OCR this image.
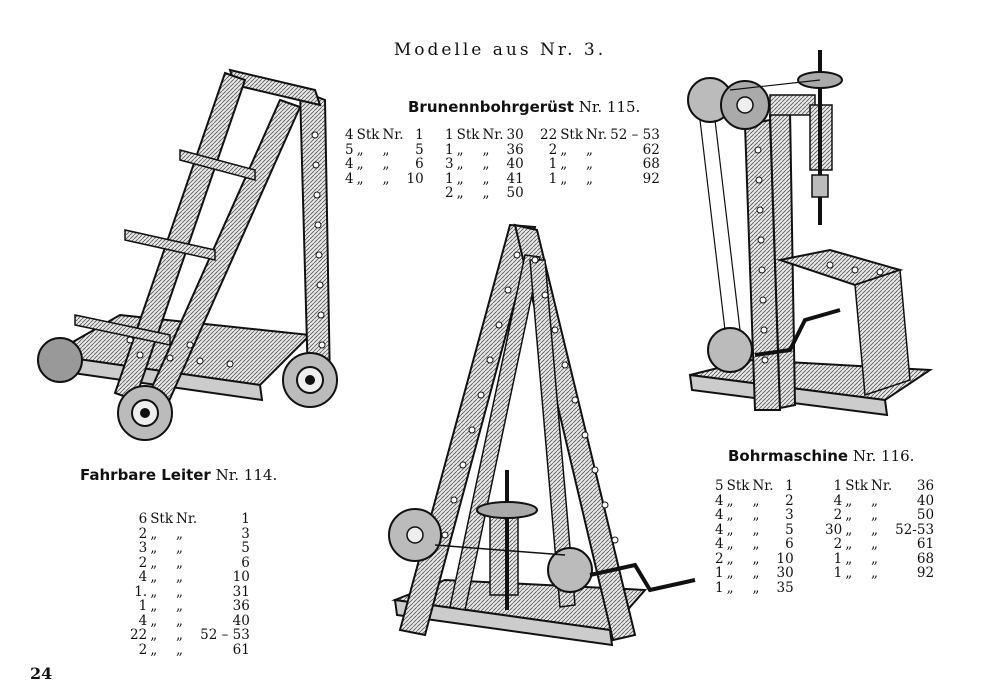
Modelle aus Nr. 3.
Fahrbare Leiter Nr. 114.
6	Stk	Nr.	1
2	„	„	3
3	„	„	5
2	„	„	6
4	„	„	10
1.	„	„	31
1	„	„	36
4	„	„	40
22	„	„	52 – 53
2	„	„	61
Brunennbohrgerüst Nr. 115.
4	Stk	Nr.	1
5	„	„	5
4	„	„	6
4	„	„	10
1	Stk	Nr.	30
1	„	„	36
3	„	„	40
1	„	„	41
2	„	„	50
22	Stk	Nr.	52 – 53
2	„	„	62
1	„	„	68
1	„	„	92
Bohrmaschine Nr. 116.
5	Stk	Nr.	1
4	„	„	2
4	„	„	3
4	„	„	5
4	„	„	6
2	„	„	10
1	„	„	30
1	„	„	35
1	Stk	Nr.	36
4	„	„	40
2	„	„	50
30	„	„	52-53
2	„	„	61
1	„	„	68
1	„	„	92
24
